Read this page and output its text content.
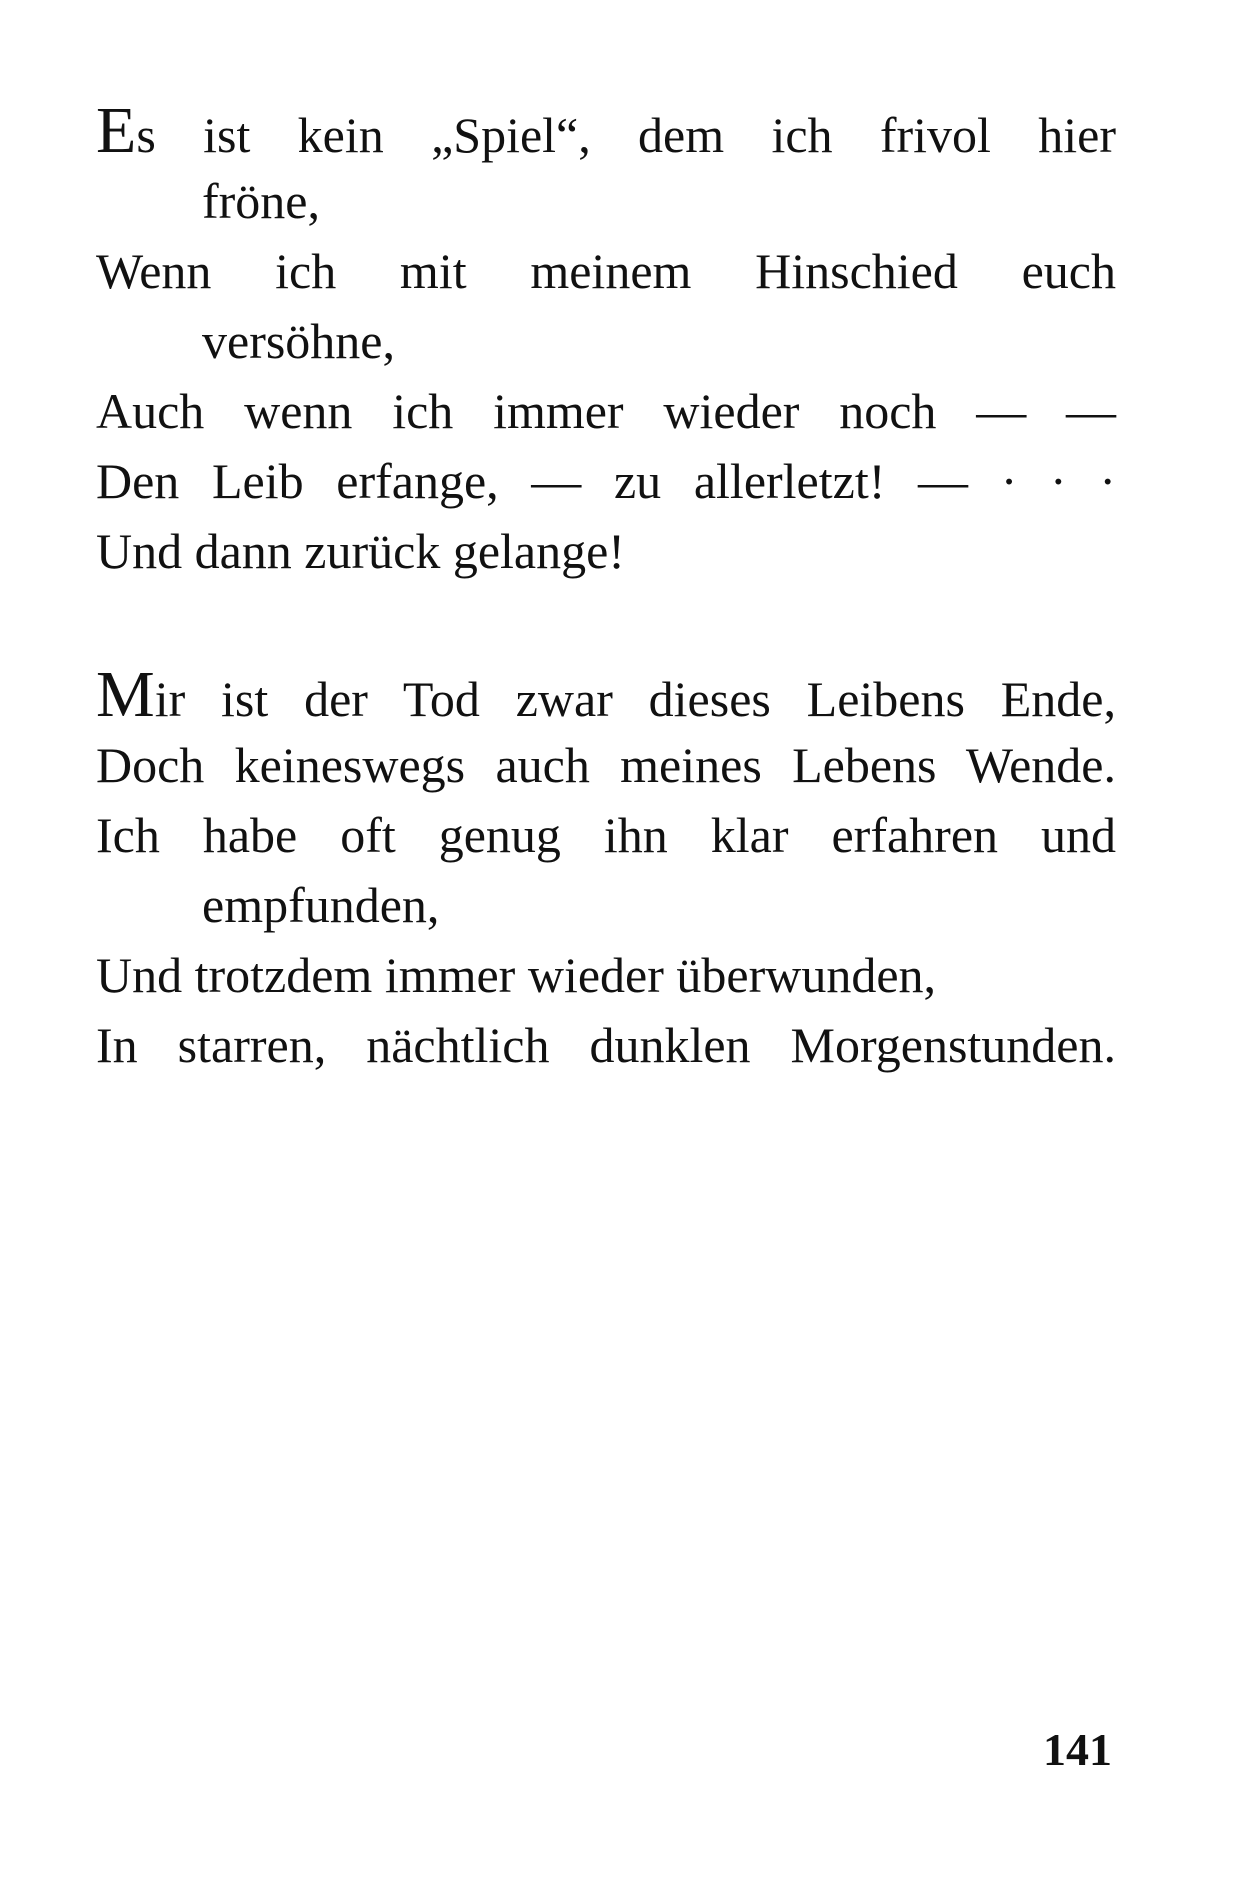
Es ist kein „Spiel“, dem ich frivol hier
fröne,
Wenn ich mit meinem Hinschied euch
versöhne,
Auch wenn ich immer wieder noch — —
Den Leib erfange, — zu allerletzt! — · · ·
Und dann zurück gelange!
Mir ist der Tod zwar dieses Leibens Ende,
Doch keineswegs auch meines Lebens Wende.
Ich habe oft genug ihn klar erfahren und
empfunden,
Und trotzdem immer wieder überwunden,
In starren, nächtlich dunklen Morgenstunden.
141
